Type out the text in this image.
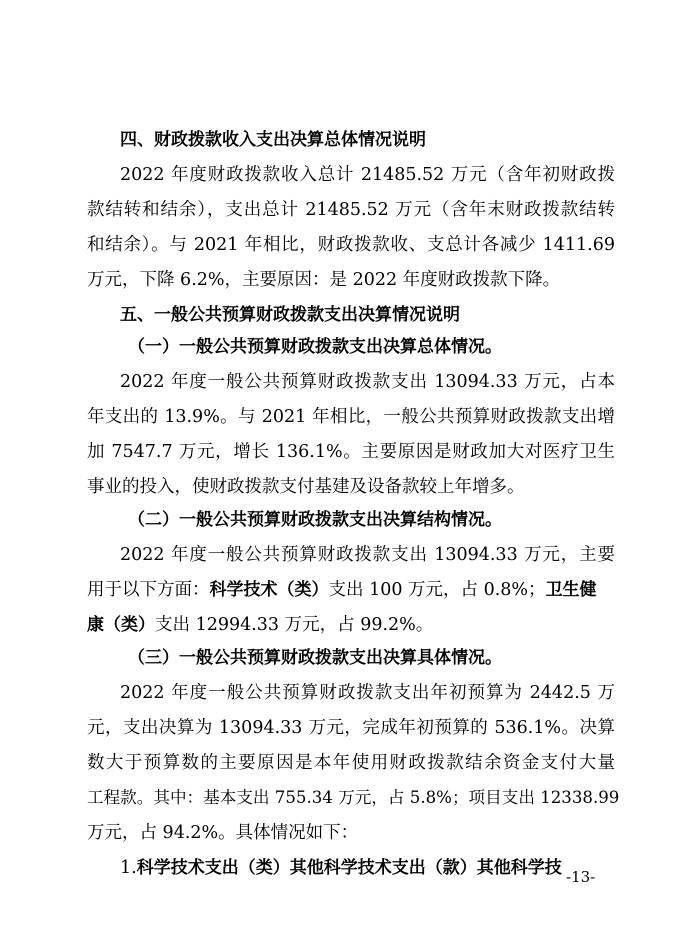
四、财政拨款收入支出决算总体情况说明
2022 年度财政拨款收入总计 21485.52 万元（含年初财政拨
款结转和结余），支出总计 21485.52 万元（含年末财政拨款结转
和结余）。与 2021 年相比，财政拨款收、支总计各减少 1411.69
万元，下降 6.2%，主要原因：是 2022 年度财政拨款下降。
五、一般公共预算财政拨款支出决算情况说明
（一）一般公共预算财政拨款支出决算总体情况。
2022 年度一般公共预算财政拨款支出 13094.33 万元，占本
年支出的 13.9%。与 2021 年相比，一般公共预算财政拨款支出增
加 7547.7 万元，增长 136.1%。主要原因是财政加大对医疗卫生
事业的投入，使财政拨款支付基建及设备款较上年增多。
（二）一般公共预算财政拨款支出决算结构情况。
2022 年度一般公共预算财政拨款支出 13094.33 万元，主要
用于以下方面：科学技术（类）支出 100 万元，占 0.8%；卫生健
康（类）支出 12994.33 万元，占 99.2%。
（三）一般公共预算财政拨款支出决算具体情况。
2022 年度一般公共预算财政拨款支出年初预算为 2442.5 万
元，支出决算为 13094.33 万元，完成年初预算的 536.1%。决算
数大于预算数的主要原因是本年使用财政拨款结余资金支付大量
工程款。其中：基本支出 755.34 万元，占 5.8%；项目支出 12338.99
万元，占 94.2%。具体情况如下：
1.科学技术支出（类）其他科学技术支出（款）其他科学技 -13-
